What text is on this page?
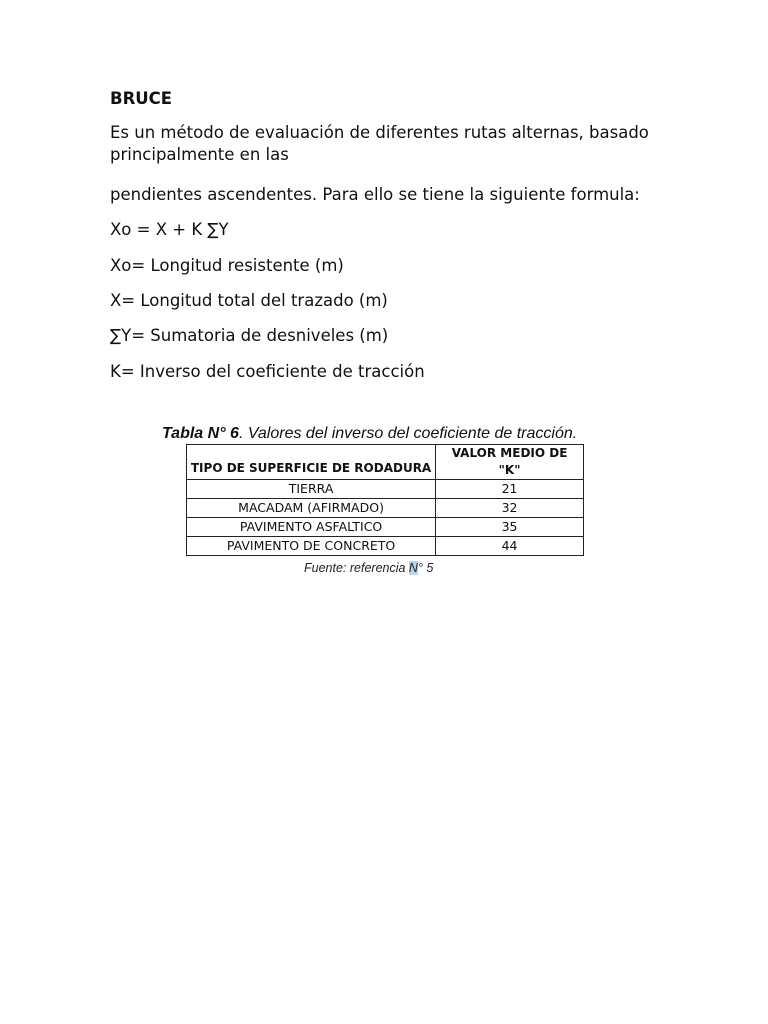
BRUCE

Es un método de evaluación de diferentes rutas alternas, basado principalmente en las

pendientes ascendentes. Para ello se tiene la siguiente formula:

Xo = X + K ∑Y

Xo= Longitud resistente (m)

X= Longitud total del trazado (m)

∑Y= Sumatoria de desniveles (m)

K= Inverso del coeficiente de tracción

Tabla N° 6. Valores del inverso del coeficiente de tracción.
TIPO DE SUPERFICIE DE RODADURA	VALOR MEDIO DE "K"
TIERRA	21
MACADAM (AFIRMADO)	32
PAVIMENTO ASFALTICO	35
PAVIMENTO DE CONCRETO	44
Fuente: referencia N° 5
